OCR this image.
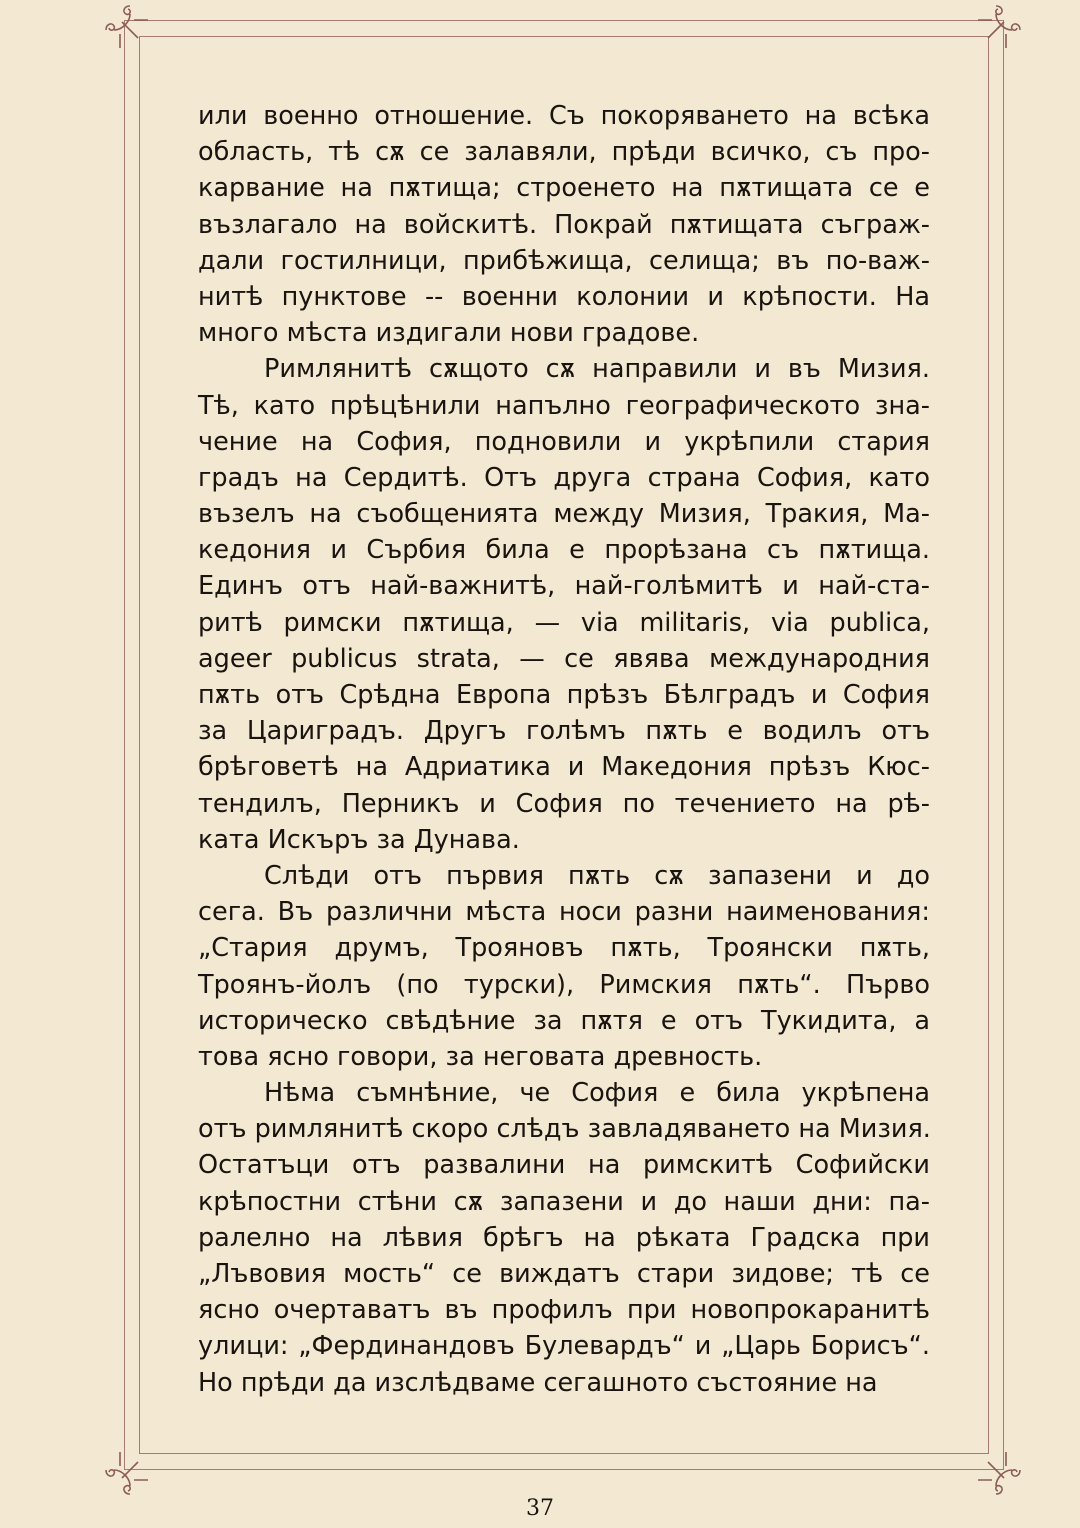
или военно отношение. Съ покоряването на всѣка
область, тѣ сѫ се залавяли, прѣди всичко, съ про-
карвание на пѫтища; строенето на пѫтищата се е
възлагало на войскитѣ. Покрай пѫтищата съграж-
дали гостилници, прибѣжища, селища; въ по-важ-
нитѣ пунктове -- военни колонии и крѣпости. На
много мѣста издигали нови градове.
Римлянитѣ сѫщото сѫ направили и въ Мизия.
Тѣ, като прѣцѣнили напълно географическото зна-
чение на София, подновили и укрѣпили стария
градъ на Сердитѣ. Отъ друга страна София, като
възелъ на съобщенията между Мизия, Тракия, Ма-
кедония и Сърбия била е прорѣзана съ пѫтища.
Единъ отъ най-важнитѣ, най-голѣмитѣ и най-ста-
ритѣ римски пѫтища, — via militaris, via publica,
ageer publicus strata, — се явява международния
пѫть отъ Срѣдна Европа прѣзъ Бѣлградъ и София
за Цариградъ. Другъ голѣмъ пѫть е водилъ отъ
брѣговетѣ на Адриатика и Македония прѣзъ Кюс-
тендилъ, Перникъ и София по течението на рѣ-
ката Искъръ за Дунава.
Слѣди отъ първия пѫть сѫ запазени и до
сега. Въ различни мѣста носи разни наименования:
„Стария друмъ, Трояновъ пѫть, Троянски пѫть,
Троянъ-йолъ (по турски), Римския пѫть“. Първо
историческо свѣдѣние за пѫтя е отъ Тукидита, а
това ясно говори, за неговата древность.
Нѣма съмнѣние, че София е била укрѣпена
отъ римлянитѣ скоро слѣдъ завладяването на Мизия.
Остатъци отъ развалини на римскитѣ Софийски
крѣпостни стѣни сѫ запазени и до наши дни: па-
ралелно на лѣвия брѣгъ на рѣката Градска при
„Лъвовия мость“ се виждатъ стари зидове; тѣ се
ясно очертаватъ въ профилъ при новопрокаранитѣ
улици: „Фердинандовъ Булевардъ“ и „Царь Борисъ“.
Но прѣди да изслѣдваме сегашното състояние на
37
